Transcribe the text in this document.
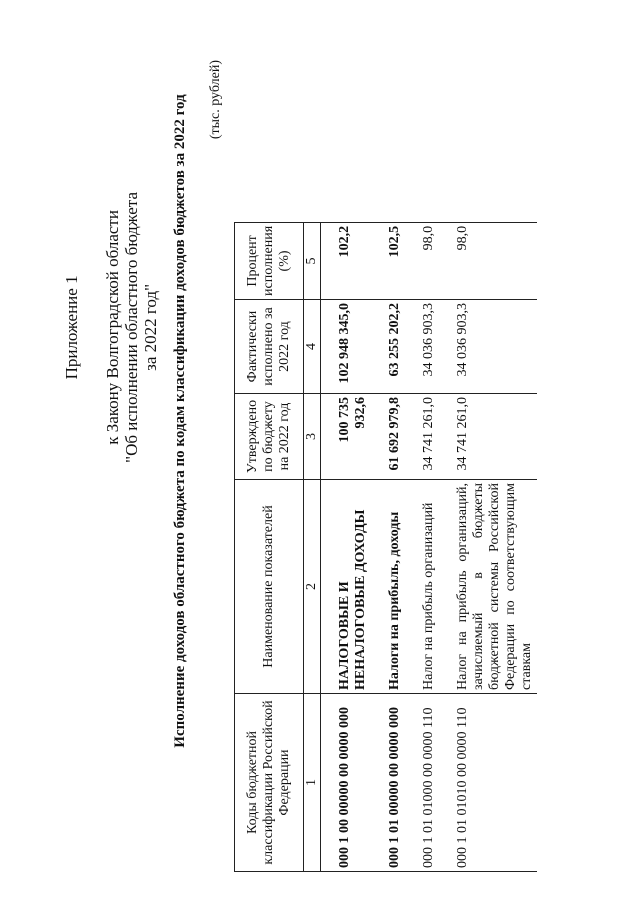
Приложение 1 к Закону Волгоградской области "Об исполнении областного бюджета за 2022 год" Исполнение доходов областного бюджета по кодам классификации доходов бюджетов за 2022 год (тыс. рублей)
Коды бюджетной классификации Российской Федерации	Наименование показателей	Утверждено по бюджету на 2022 год	Фактически исполнено за 2022 год	Процент исполнения (%)
1	2	3	4	5
000 1 00 00000 00 0000 000	НАЛОГОВЫЕ И НЕНАЛОГОВЫЕ ДОХОДЫ	100 735 932,6	102 948 345,0	102,2
000 1 01 00000 00 0000 000	Налоги на прибыль, доходы	61 692 979,8	63 255 202,2	102,5
000 1 01 01000 00 0000 110	Налог на прибыль организаций	34 741 261,0	34 036 903,3	98,0
000 1 01 01010 00 0000 110	Налог на прибыль организаций, зачисляемый в бюджеты бюджетной системы Российской Федерации по соответствующим ставкам	34 741 261,0	34 036 903,3	98,0
